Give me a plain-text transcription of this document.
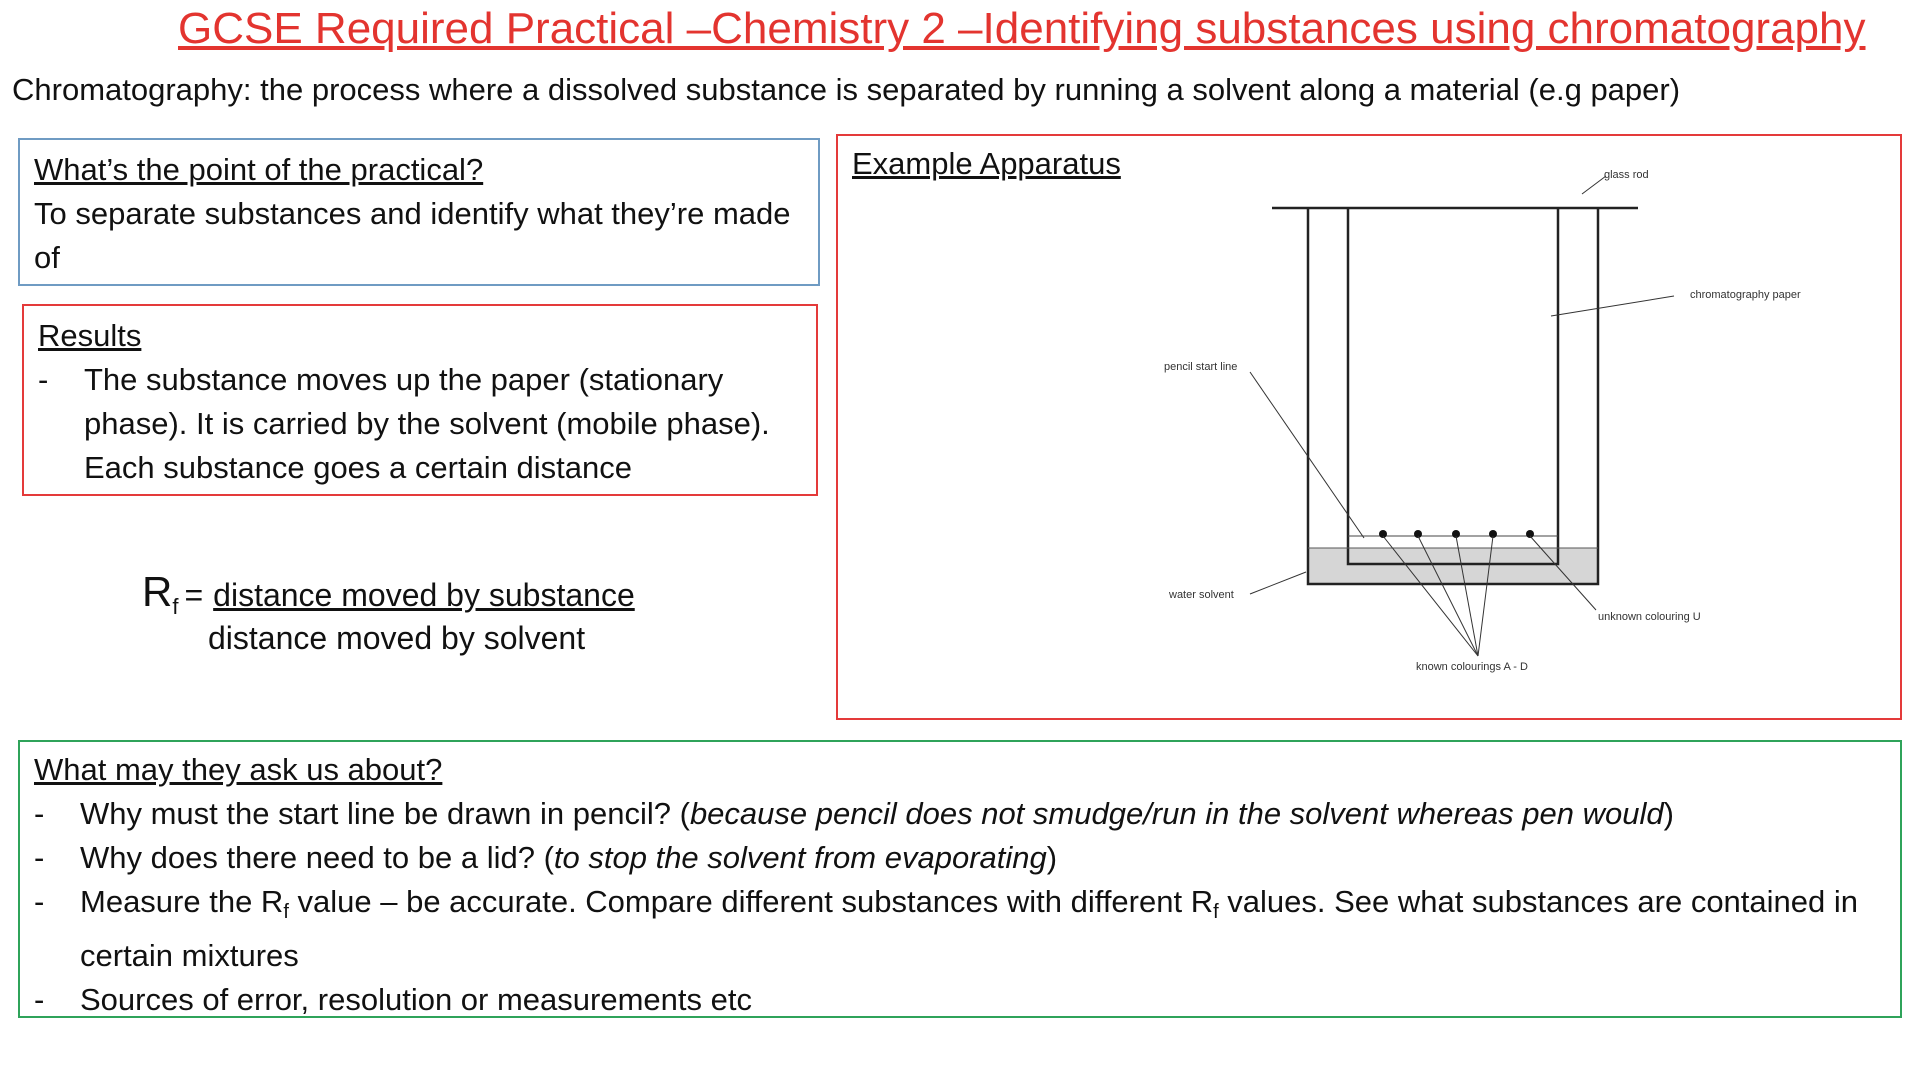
GCSE Required Practical –Chemistry 2 –Identifying substances using chromatography
Chromatography: the process where a dissolved substance is separated by running a solvent along a material (e.g paper)
What’s the point of the practical?
To separate substances and identify what they’re made of
Results
- The substance moves up the paper (stationary phase). It is carried by the solvent (mobile phase). Each substance goes a certain distance
R f = distance moved by substance
distance moved by solvent
Example Apparatus	glass rod
chromatography paper
pencil start line
water solvent
unknown colouring U
known colourings A - D
What may they ask us about?
- Why must the start line be drawn in pencil? (because pencil does not smudge/run in the solvent whereas pen would)
- Why does there need to be a lid? (to stop the solvent from evaporating)
- Measure the $R_f$ value – be accurate. Compare different substances with different $R_f$ values. See what substances are contained in certain mixtures
- Sources of error, resolution or measurements etc
